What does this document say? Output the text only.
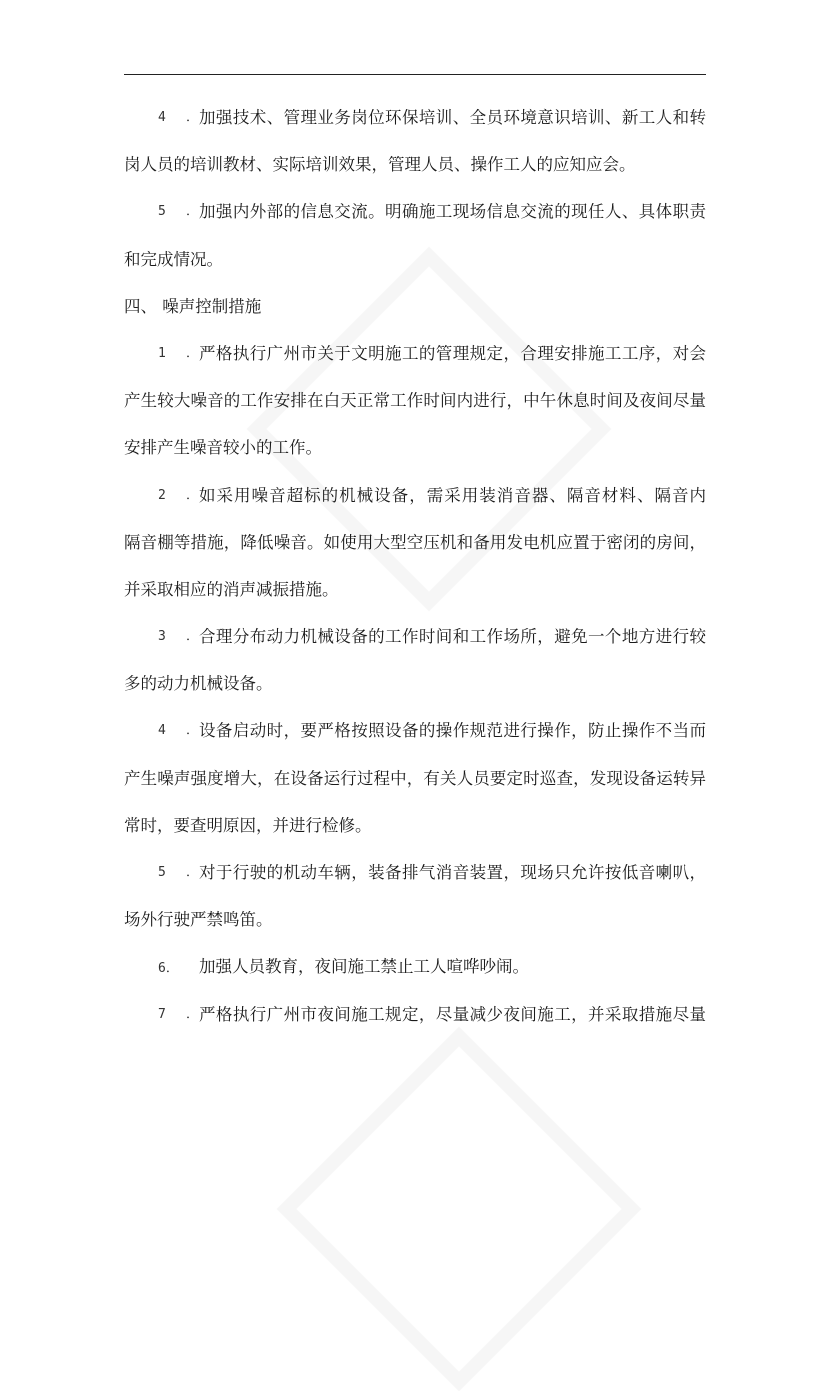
4． 加强技术、管理业务岗位环保培训、全员环境意识培训、新工人和转
岗人员的培训教材、实际培训效果，管理人员、操作工人的应知应会。
5． 加强内外部的信息交流。明确施工现场信息交流的现任人、具体职责
和完成情况。
四、 噪声控制措施
1． 严格执行广州市关于文明施工的管理规定，合理安排施工工序，对会
产生较大噪音的工作安排在白天正常工作时间内进行，中午休息时间及夜间尽量
安排产生噪音较小的工作。
2． 如采用噪音超标的机械设备，需采用装消音器、隔音材料、隔音内
隔音棚等措施，降低噪音。如使用大型空压机和备用发电机应置于密闭的房间，
并采取相应的消声减振措施。
3． 合理分布动力机械设备的工作时间和工作场所，避免一个地方进行较
多的动力机械设备。
4． 设备启动时，要严格按照设备的操作规范进行操作，防止操作不当而
产生噪声强度增大，在设备运行过程中，有关人员要定时巡查，发现设备运转异
常时，要查明原因，并进行检修。
5． 对于行驶的机动车辆，装备排气消音装置，现场只允许按低音喇叭，
场外行驶严禁鸣笛。
6． 加强人员教育，夜间施工禁止工人喧哗吵闹。
7． 严格执行广州市夜间施工规定，尽量减少夜间施工，并采取措施尽量
